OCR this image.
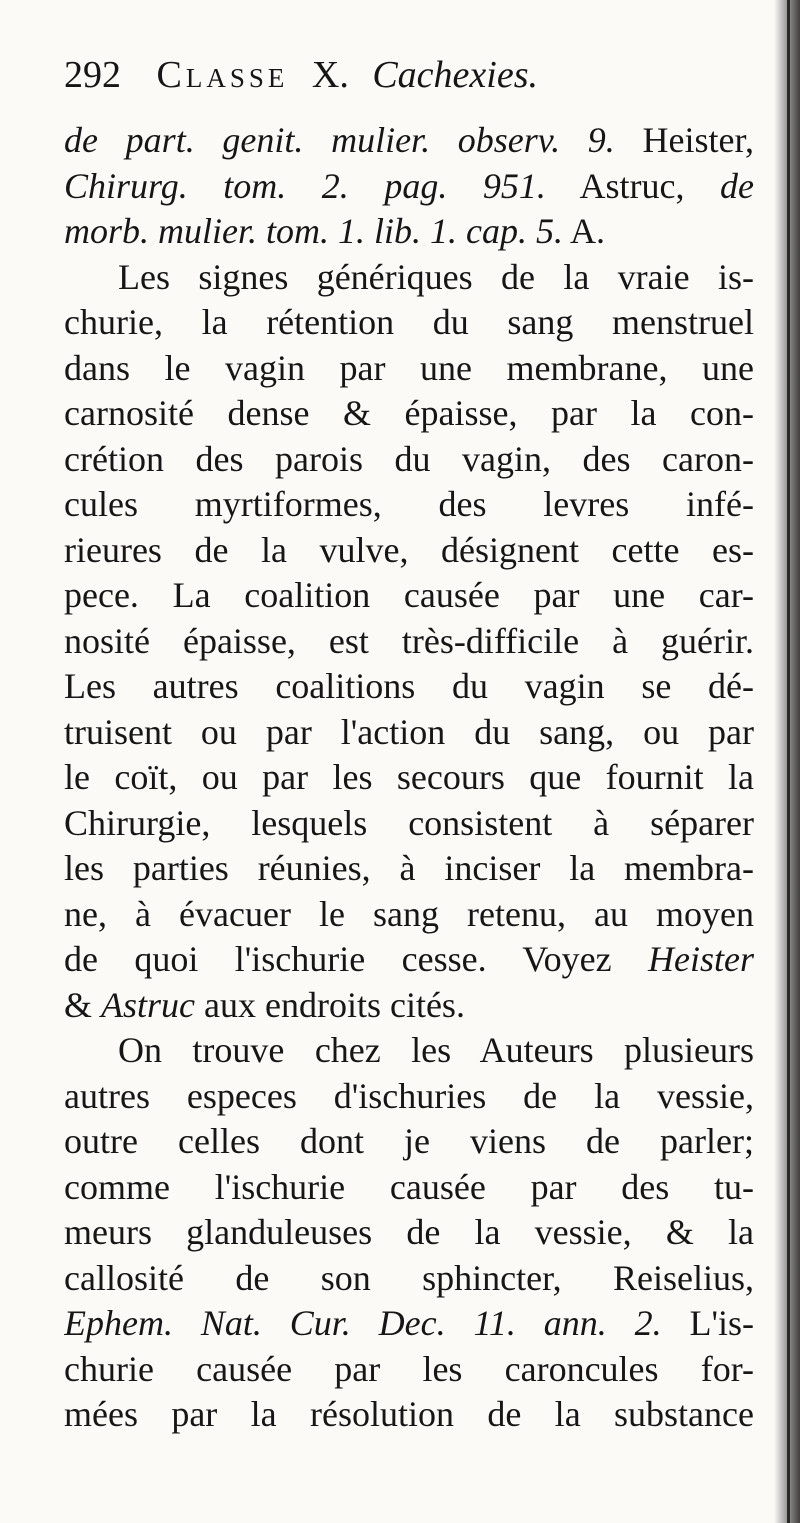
292 Classe X. Cachexies.
de part. genit. mulier. observ. 9. Heister,
Chirurg. tom. 2. pag. 951. Astruc, de
morb. mulier. tom. 1. lib. 1. cap. 5. A.
Les signes génériques de la vraie is-
churie, la rétention du sang menstruel
dans le vagin par une membrane, une
carnosité dense & épaisse, par la con-
crétion des parois du vagin, des caron-
cules myrtiformes, des levres infé-
rieures de la vulve, désignent cette es-
pece. La coalition causée par une car-
nosité épaisse, est très-difficile à guérir.
Les autres coalitions du vagin se dé-
truisent ou par l'action du sang, ou par
le coït, ou par les secours que fournit la
Chirurgie, lesquels consistent à séparer
les parties réunies, à inciser la membra-
ne, à évacuer le sang retenu, au moyen
de quoi l'ischurie cesse. Voyez Heister
& Astruc aux endroits cités.
On trouve chez les Auteurs plusieurs
autres especes d'ischuries de la vessie,
outre celles dont je viens de parler;
comme l'ischurie causée par des tu-
meurs glanduleuses de la vessie, & la
callosité de son sphincter, Reiselius,
Ephem. Nat. Cur. Dec. 11. ann. 2. L'is-
churie causée par les caroncules for-
mées par la résolution de la substance
